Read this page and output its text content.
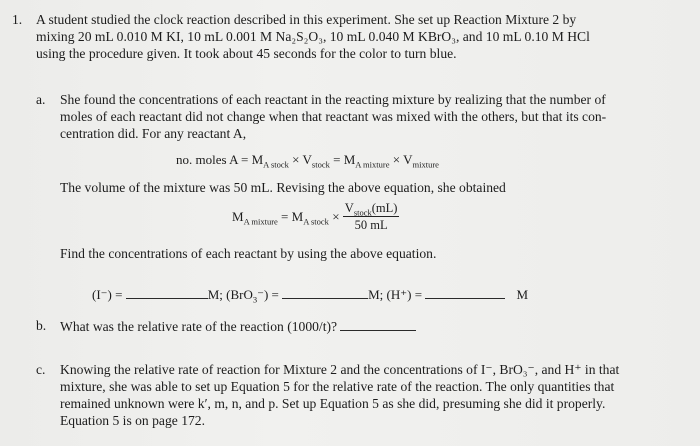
1. A student studied the clock reaction described in this experiment. She set up Reaction Mixture 2 by
mixing 20 mL 0.010 M KI, 10 mL 0.001 M Na₂S₂O₃, 10 mL 0.040 M KBrO₃, and 10 mL 0.10 M HCl
using the procedure given. It took about 45 seconds for the color to turn blue.
a. She found the concentrations of each reactant in the reacting mixture by realizing that the number of
moles of each reactant did not change when that reactant was mixed with the others, but that its con-
centration did. For any reactant A,
no. moles $A = M_{A stock} \times V_{stock} = M_{A mixture} \times V_{mixture}$
The volume of the mixture was 50 mL. Revising the above equation, she obtained
$M_{A mixture} = M_{A stock} \times \frac{V_{stock}(mL)}{50 mL}$
Find the concentrations of each reactant by using the above equation.
(I⁻) =	M; (BrO$_3$⁻) =	M; (H⁺) =	M
b. What was the relative rate of the reaction (1000/t)?
c. Knowing the relative rate of reaction for Mixture 2 and the concentrations of I⁻, BrO₃⁻, and H⁺ in that
mixture, she was able to set up Equation 5 for the relative rate of the reaction. The only quantities that
remained unknown were k′, m, n, and p. Set up Equation 5 as she did, presuming she did it properly.
Equation 5 is on page 172.
